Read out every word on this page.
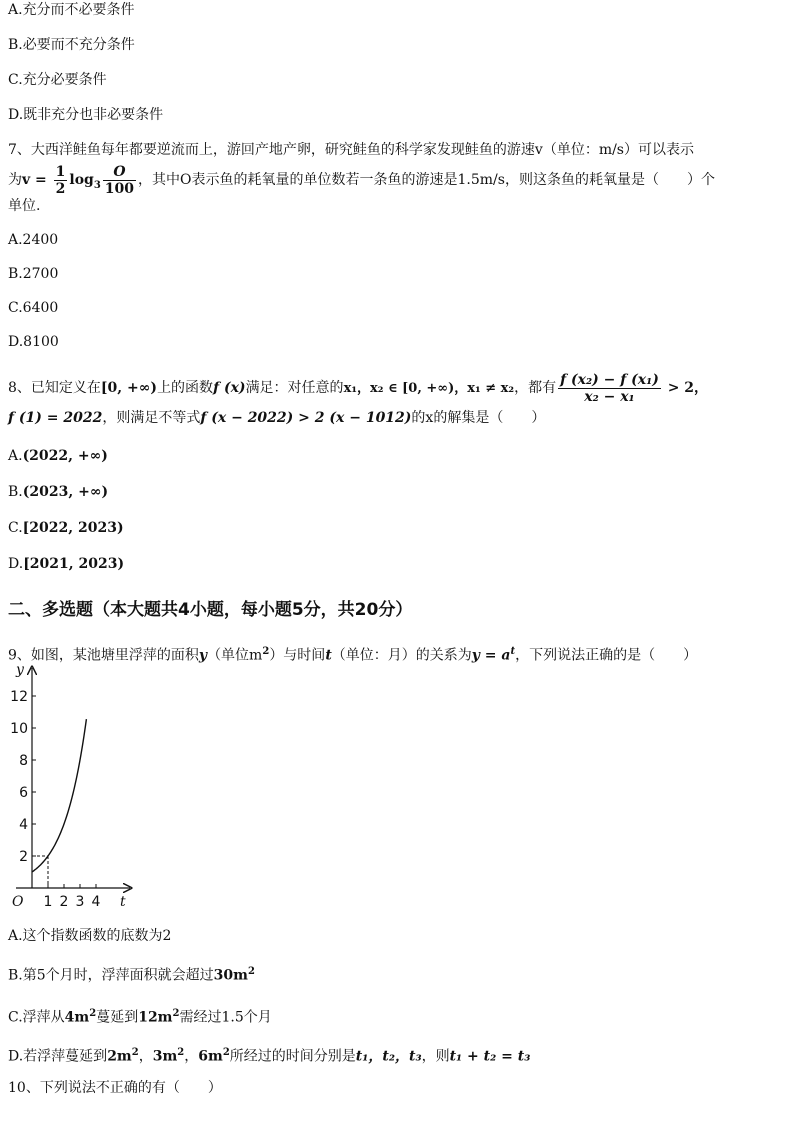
A.充分而不必要条件
B.必要而不充分条件
C.充分必要条件
D.既非充分也非必要条件
7、大西洋鲑鱼每年都要逆流而上，游回产地产卵，研究鲑鱼的科学家发现鲑鱼的游速v（单位：m/s）可以表示
为$v = \frac{1}{2} \log_3 \frac{O}{100}$ ，其中O表示鱼的耗氧量的单位数若一条鱼的游速是1.5m/s，则这条鱼的耗氧量是（　　）个
单位.
A.2400
B.2700
C.6400
D.8100
8、已知定义在[0, +∞)上的函数f (x)满足：对任意的x₁，x₂ ∈ [0, +∞)，x₁ ≠ x₂，都有 $\frac{\text{f (x₂) − f (x₁)}}{\text{x₂ − x₁}} > 2$，
f (1) = 2022，则满足不等式f (x − 2022) > 2 (x − 1012)的x的解集是（　　）
A.(2022, +∞)
B.(2023, +∞)
C.[2022, 2023)
D.[2021, 2023)
二、多选题（本大题共4小题，每小题5分，共20分）
9、如图，某池塘里浮萍的面积y（单位$m^2$）与时间t（单位：月）的关系为$y = a^t$，下列说法正确的是（　　）
2
4
6
8
10
12
1 2 3 4
y
t
O
A.这个指数函数的底数为2
B.第5个月时，浮萍面积就会超过$30m^2$
C.浮萍从$4m^2$蔓延到$12m^2$需经过1.5个月
D.若浮萍蔓延到$2m^2$，$3m^2$，$6m^2$所经过的时间分别是t₁，t₂，t₃，则t₁ + t₂ = t₃
10、下列说法不正确的有（　　）
